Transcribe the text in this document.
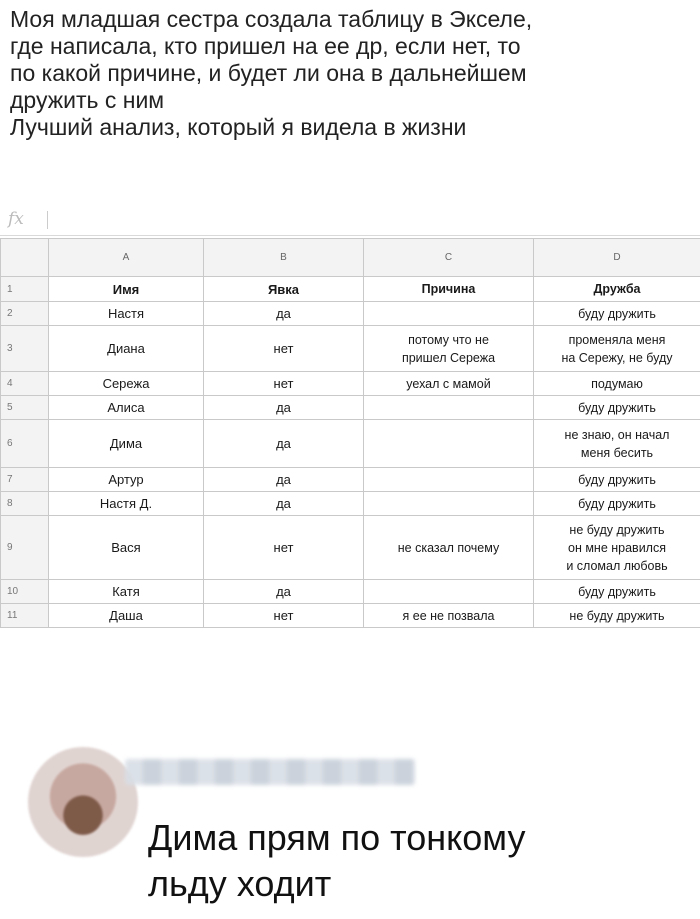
Моя младшая сестра создала таблицу в Экселе,
где написала, кто пришел на ее др, если нет, то
по какой причине, и будет ли она в дальнейшем
дружить с ним
Лучший анализ, который я видела в жизни
fx
	A	B	C	D
1	Имя	Явка	Причина	Дружба
2	Настя	да		буду дружить

3	Диана	нет	потому что не
пришел Сережа	променяла меня
на Сережу, не буду

4	Сережа	нет	уехал с мамой	подумаю

5	Алиса	да		буду дружить

6	Дима	да		не знаю, он начал
меня бесить

7	Артур	да		буду дружить

8	Настя Д.	да		буду дружить

9	Вася	нет	не сказал почему	не буду дружить
он мне нравился
и сломал любовь

10	Катя	да		буду дружить

11	Даша	нет	я ее не позвала	не буду дружить
Дима прям по тонкому
льду ходит
